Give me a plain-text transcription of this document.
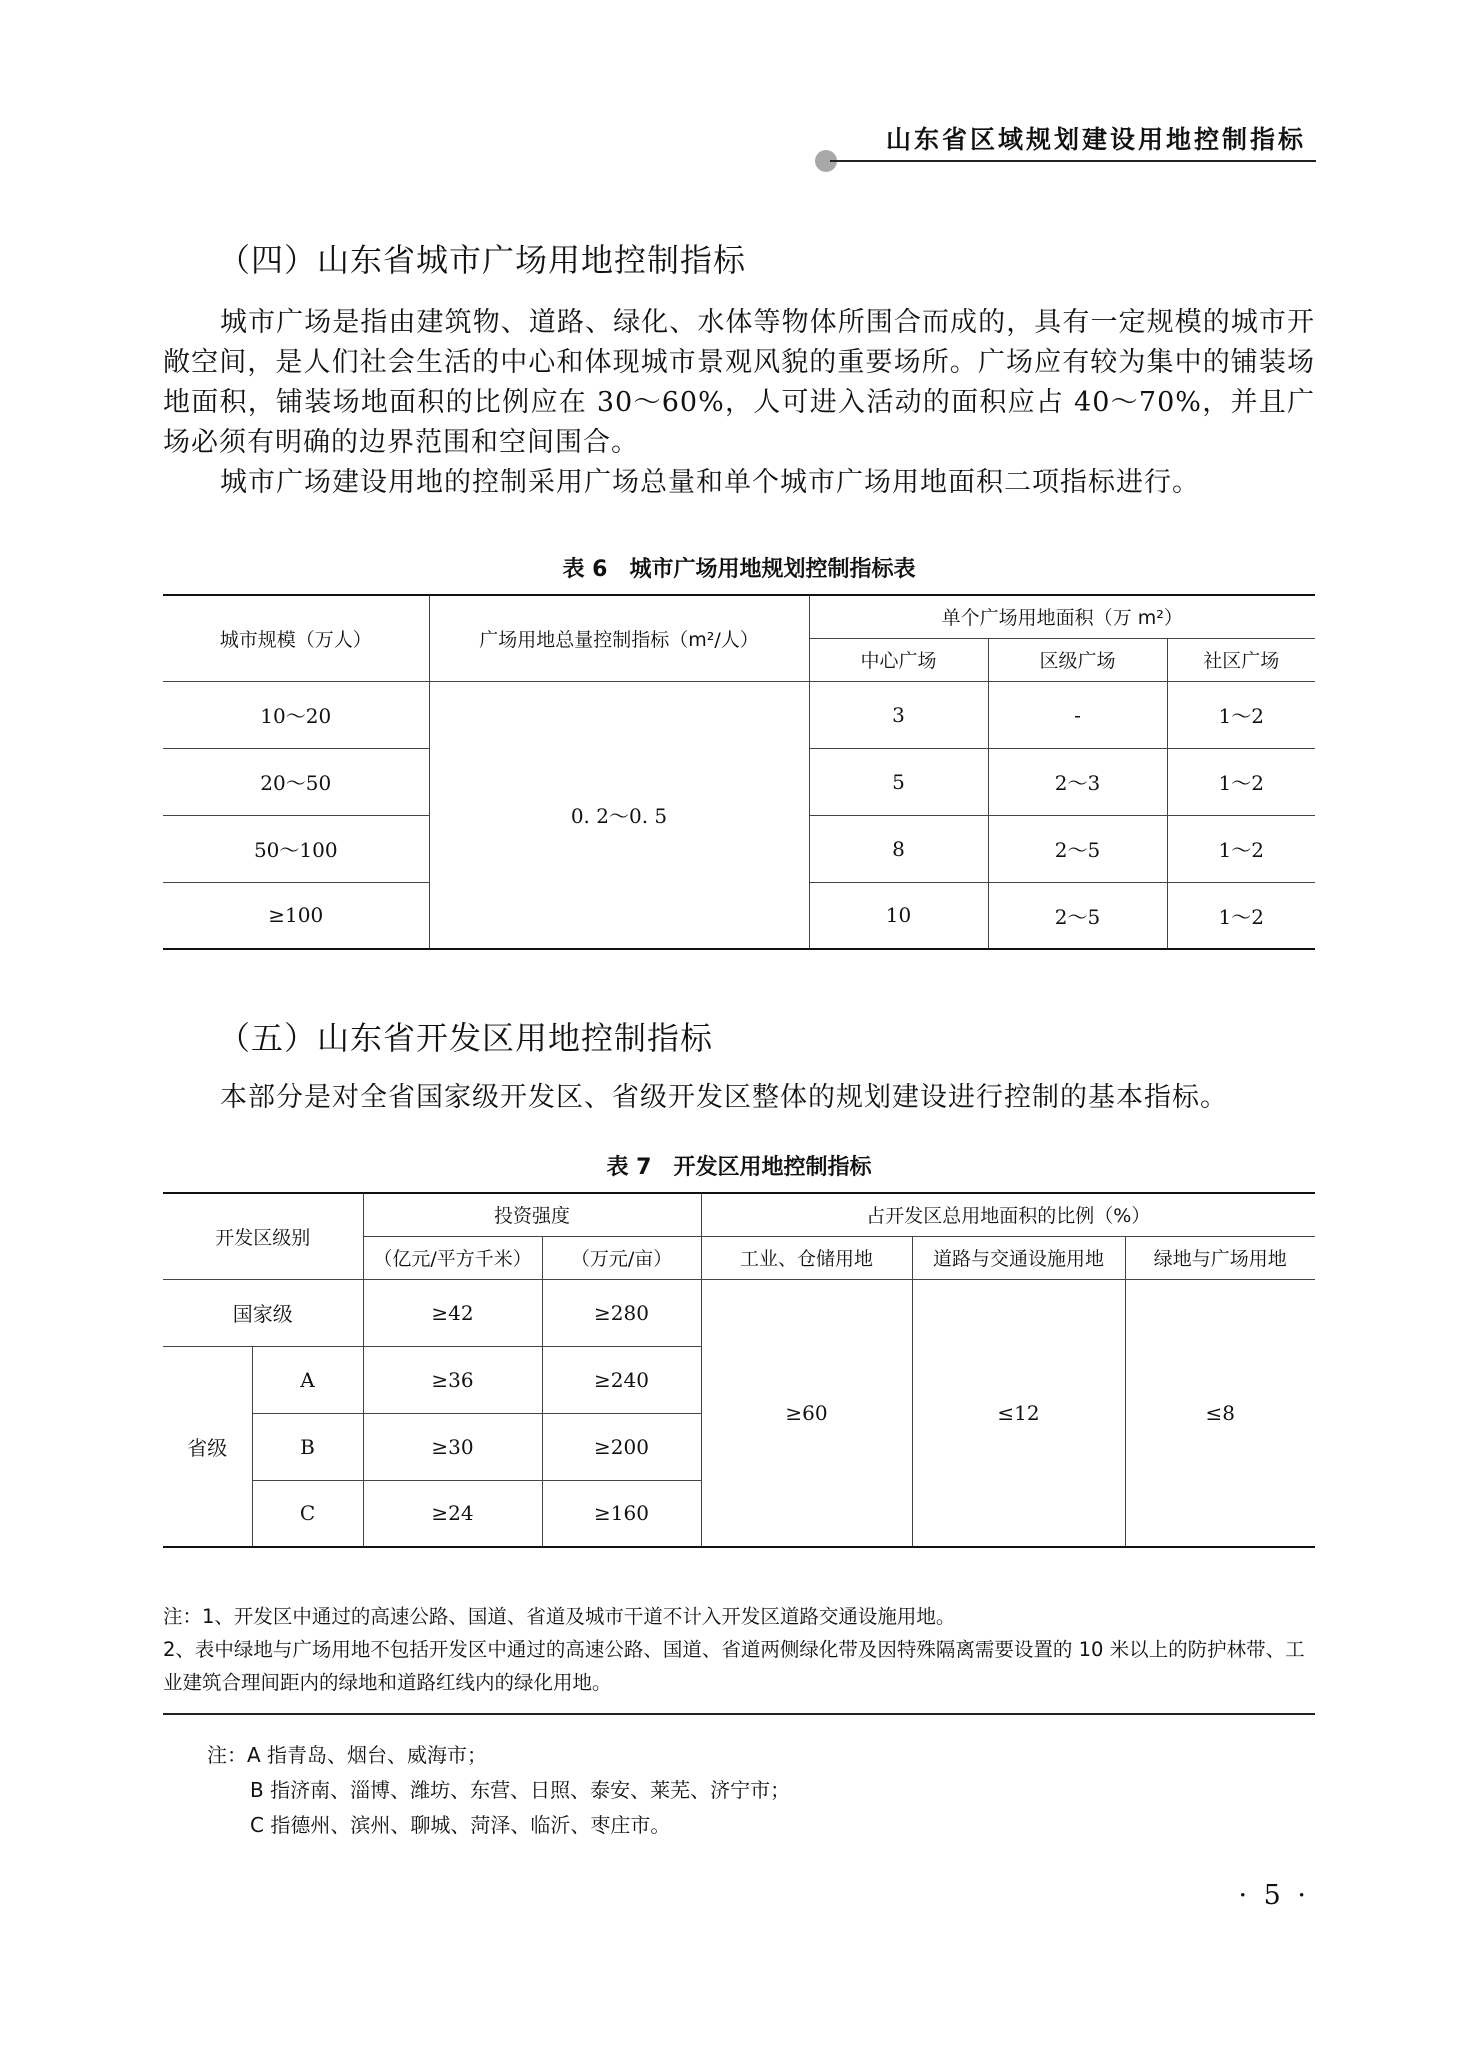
山东省区域规划建设用地控制指标
（四）山东省城市广场用地控制指标

城市广场是指由建筑物、道路、绿化、水体等物体所围合而成的，具有一定规模的城市开敞空间，是人们社会生活的中心和体现城市景观风貌的重要场所。广场应有较为集中的铺装场地面积，铺装场地面积的比例应在 30～60%，人可进入活动的面积应占 40～70%，并且广场必须有明确的边界范围和空间围合。

城市广场建设用地的控制采用广场总量和单个城市广场用地面积二项指标进行。

表 6　城市广场用地规划控制指标表
城市规模（万人）	广场用地总量控制指标（m²/人）	单个广场用地面积（万 m²）		
		中心广场	区级广场	社区广场
10～20	0. 2～0. 5	3	-	1～2
20～50		5	2～3	1～2
50～100		8	2～5	1～2
≥100		10	2～5	1～2
（五）山东省开发区用地控制指标

本部分是对全省国家级开发区、省级开发区整体的规划建设进行控制的基本指标。

表 7　开发区用地控制指标
开发区级别		投资强度		占开发区总用地面积的比例（%）		
		（亿元/平方千米）	（万元/亩）	工业、仓储用地	道路与交通设施用地	绿地与广场用地
国家级		≥42	≥280	≥60	≤12	≤8
省级	A	≥36	≥240			
	B	≥30	≥200			
	C	≥24	≥160			

注：1、开发区中通过的高速公路、国道、省道及城市干道不计入开发区道路交通设施用地。

2、表中绿地与广场用地不包括开发区中通过的高速公路、国道、省道两侧绿化带及因特殊隔离需要设置的 10 米以上的防护林带、工业建筑合理间距内的绿地和道路红线内的绿化用地。

注：A 指青岛、烟台、威海市；

B 指济南、淄博、潍坊、东营、日照、泰安、莱芜、济宁市；

C 指德州、滨州、聊城、菏泽、临沂、枣庄市。

· 5 ·
